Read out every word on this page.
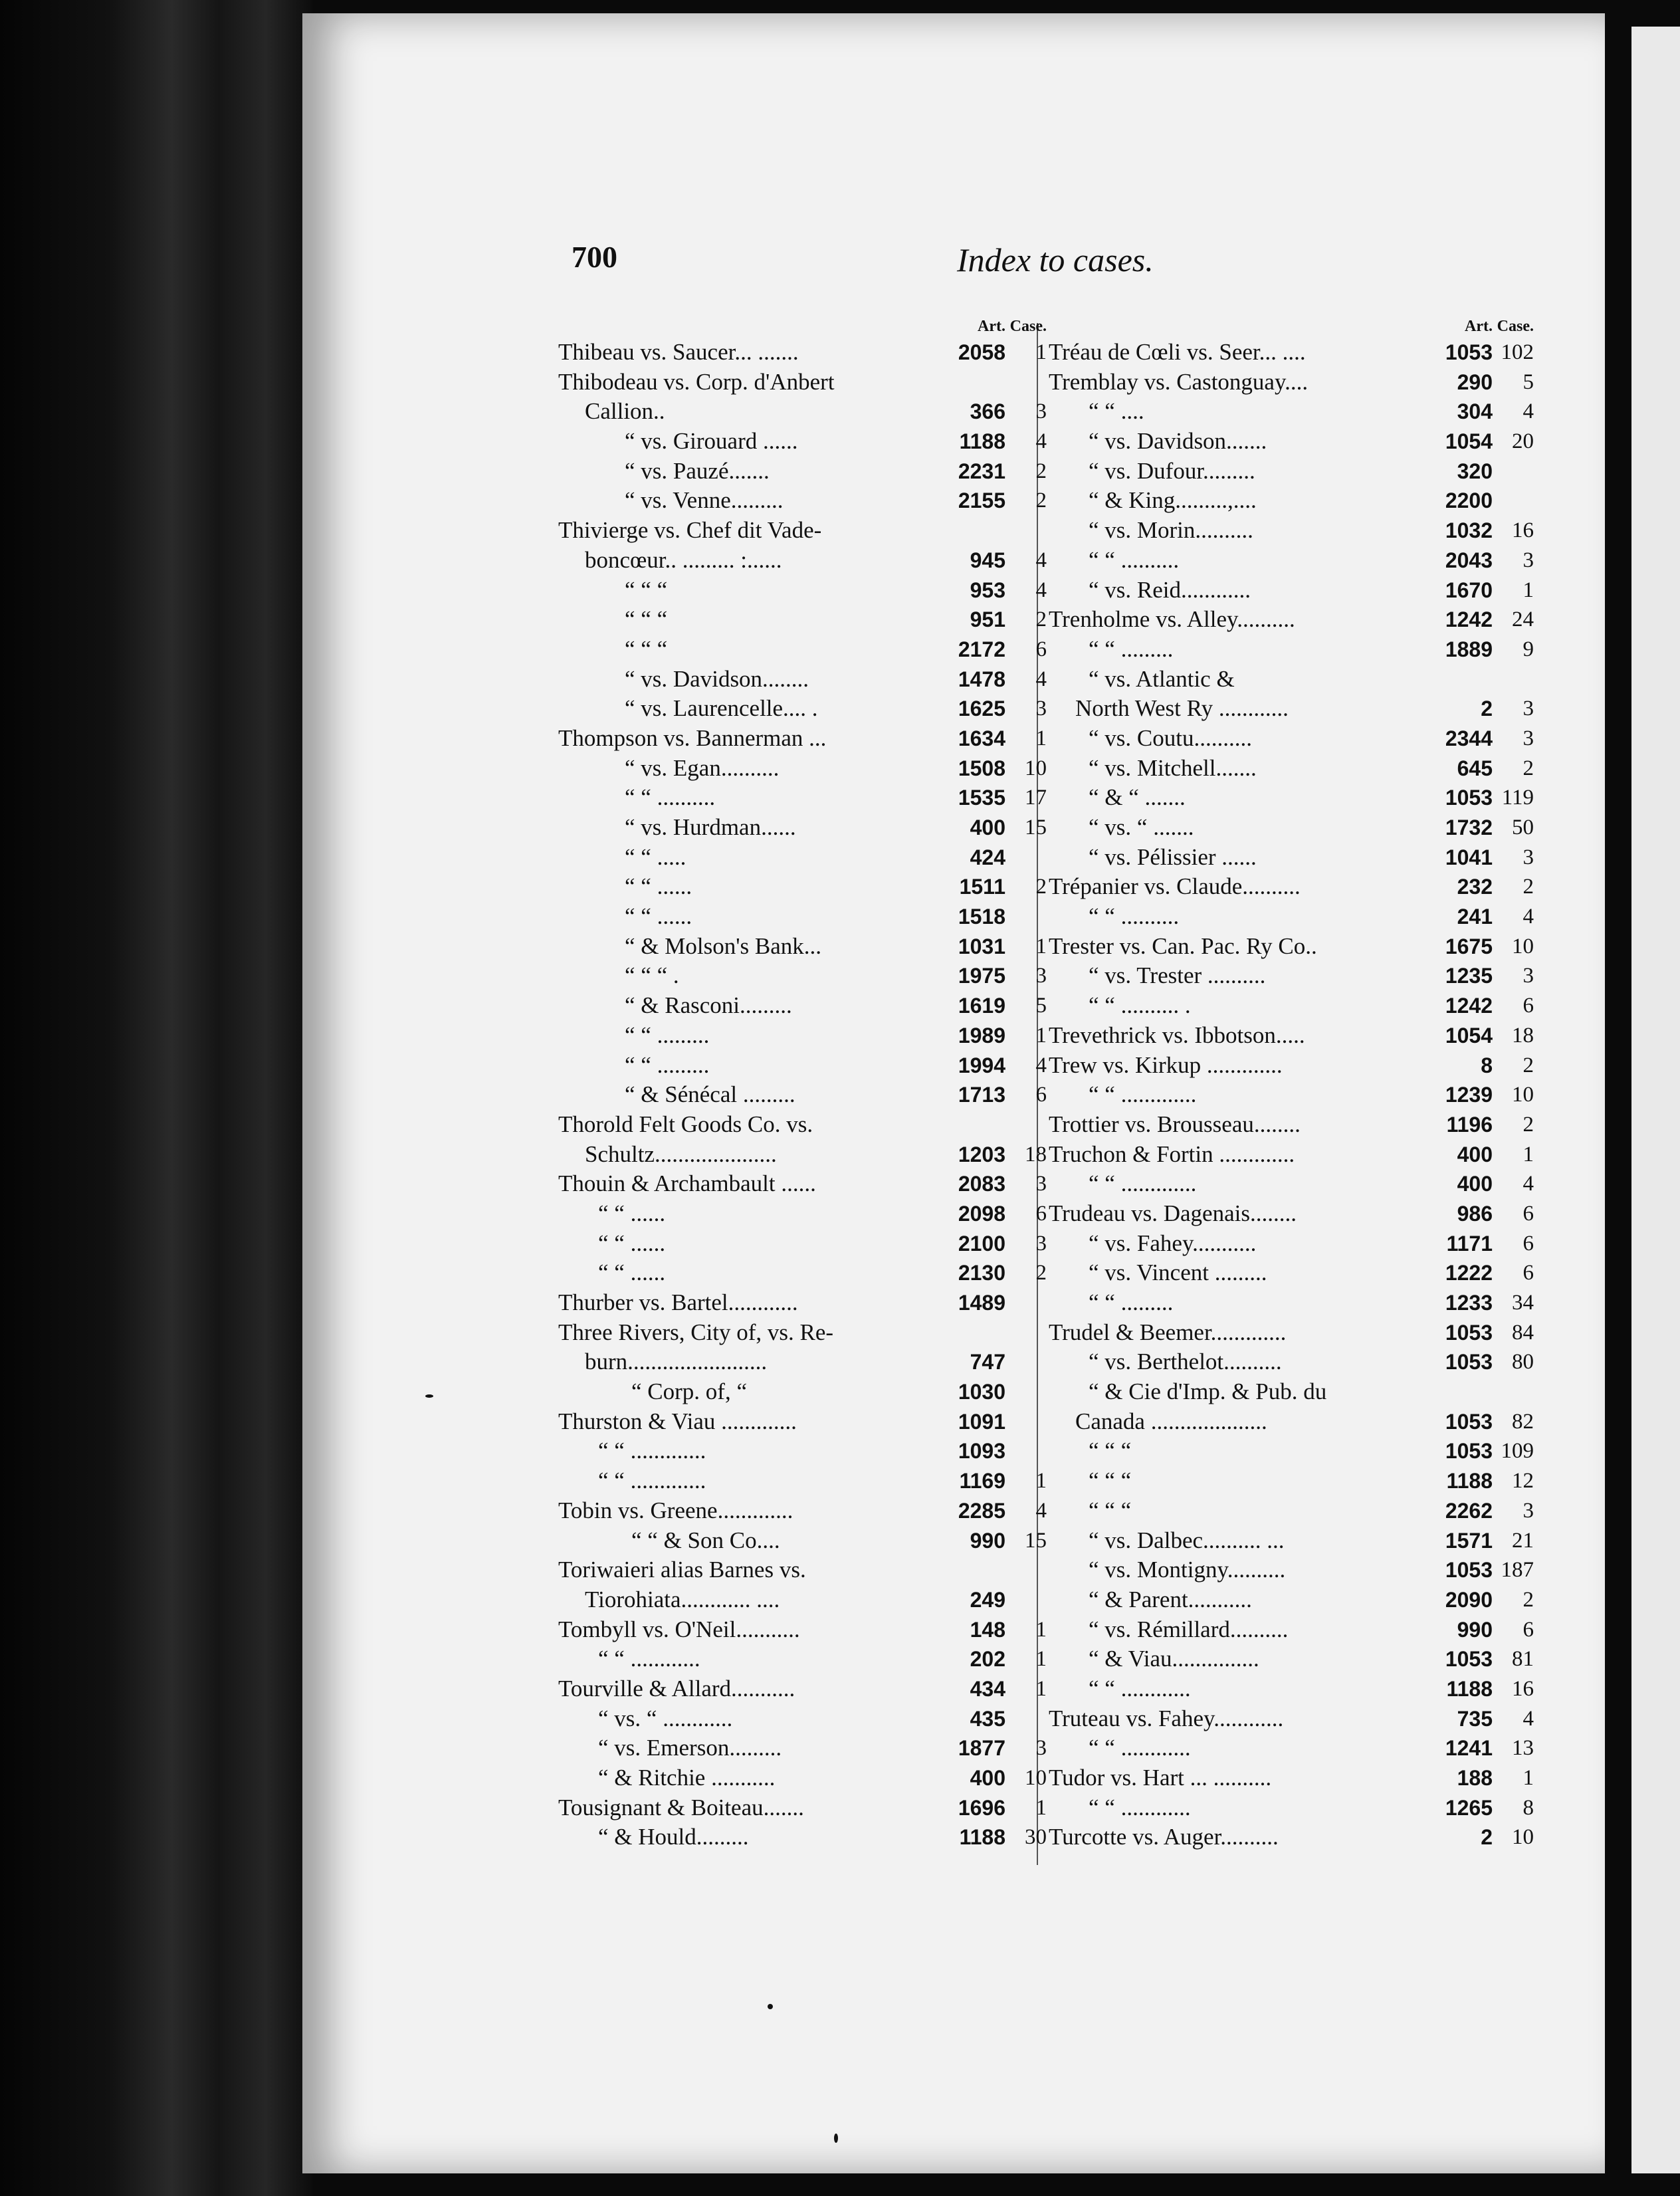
700	Index to cases.
Art. Case.
Thibeau vs. Saucer... .......	2058	1
Thibodeau vs. Corp. d'Anbert
Callion..	366	3
“ vs. Girouard ......	1188	4
“ vs. Pauzé.......	2231	2
“ vs. Venne.........	2155	2
Thivierge vs. Chef dit Vade-
boncœur.. ......... :......	945	4
“ “ “	953	4
“ “ “	951	2
“ “ “	2172	6
“ vs. Davidson........	1478	4
“ vs. Laurencelle.... .	1625	3
Thompson vs. Bannerman ...	1634	1
“ vs. Egan..........	1508 10
“ “ ..........	1535 17
“ vs. Hurdman......	400 15
“ “ .....	424
“ “ ......	1511	2
“ “ ......	1518
“ & Molson's Bank...	1031	1
“ “ “ .	1975	3
“ & Rasconi.........	1619	5
“ “ .........	1989	1
“ “ .........	1994	4
“ & Sénécal .........	1713	6
Thorold Felt Goods Co. vs.
Schultz.....................	1203 18
Thouin & Archambault ......	2083	3
“ “ ......	2098	6
“ “ ......	2100	3
“ “ ......	2130	2
Thurber vs. Bartel............	1489
Three Rivers, City of, vs. Re-
burn........................	747
“ Corp. of, “	1030
Thurston & Viau .............	1091
“ “ .............	1093
“ “ .............	1169	1
Tobin vs. Greene.............	2285	4
“ “ & Son Co....	990 15
Toriwaieri alias Barnes vs.
Tiorohiata............ ....	249
Tombyll vs. O'Neil...........	148	1
“ “ ............	202	1
Tourville & Allard...........	434	1
“ vs. “ ............	435
“ vs. Emerson.........	1877	3
“ & Ritchie ...........	400 10
Tousignant & Boiteau.......	1696	1
“ & Hould.........	1188 30
Art. Case.
Tréau de Cœli vs. Seer... ....	1053 102
Tremblay vs. Castonguay....	290	5
“ “ ....	304	4
“ vs. Davidson.......	1054 20
“ vs. Dufour.........	320
“ & King.........,....	2200
“ vs. Morin..........	1032 16
“ “ ..........	2043	3
“ vs. Reid............	1670	1
Trenholme vs. Alley..........	1242 24
“ “ .........	1889	9
“ vs. Atlantic &
North West Ry ............	2	3
“ vs. Coutu..........	2344	3
“ vs. Mitchell.......	645	2
“ & “ .......	1053 119
“ vs. “ .......	1732 50
“ vs. Pélissier ......	1041	3
Trépanier vs. Claude..........	232	2
“ “ ..........	241	4
Trester vs. Can. Pac. Ry Co..	1675 10
“ vs. Trester ..........	1235	3
“ “ .......... .	1242	6
Trevethrick vs. Ibbotson.....	1054 18
Trew vs. Kirkup .............	8	2
“ “ .............	1239 10
Trottier vs. Brousseau........	1196	2
Truchon & Fortin .............	400	1
“ “ .............	400	4
Trudeau vs. Dagenais........	986	6
“ vs. Fahey...........	1171	6
“ vs. Vincent .........	1222	6
“ “ .........	1233 34
Trudel & Beemer.............	1053 84
“ vs. Berthelot..........	1053 80
“ & Cie d'Imp. & Pub. du
Canada ....................	1053 82
“ “ “	1053 109
“ “ “	1188 12
“ “ “	2262	3
“ vs. Dalbec.......... ...	1571 21
“ vs. Montigny..........	1053 187
“ & Parent...........	2090	2
“ vs. Rémillard..........	990	6
“ & Viau...............	1053 81
“ “ ............	1188 16
Truteau vs. Fahey............	735	4
“ “ ............	1241 13
Tudor vs. Hart ... ..........	188	1
“ “ ............	1265	8
Turcotte vs. Auger..........	2 10
